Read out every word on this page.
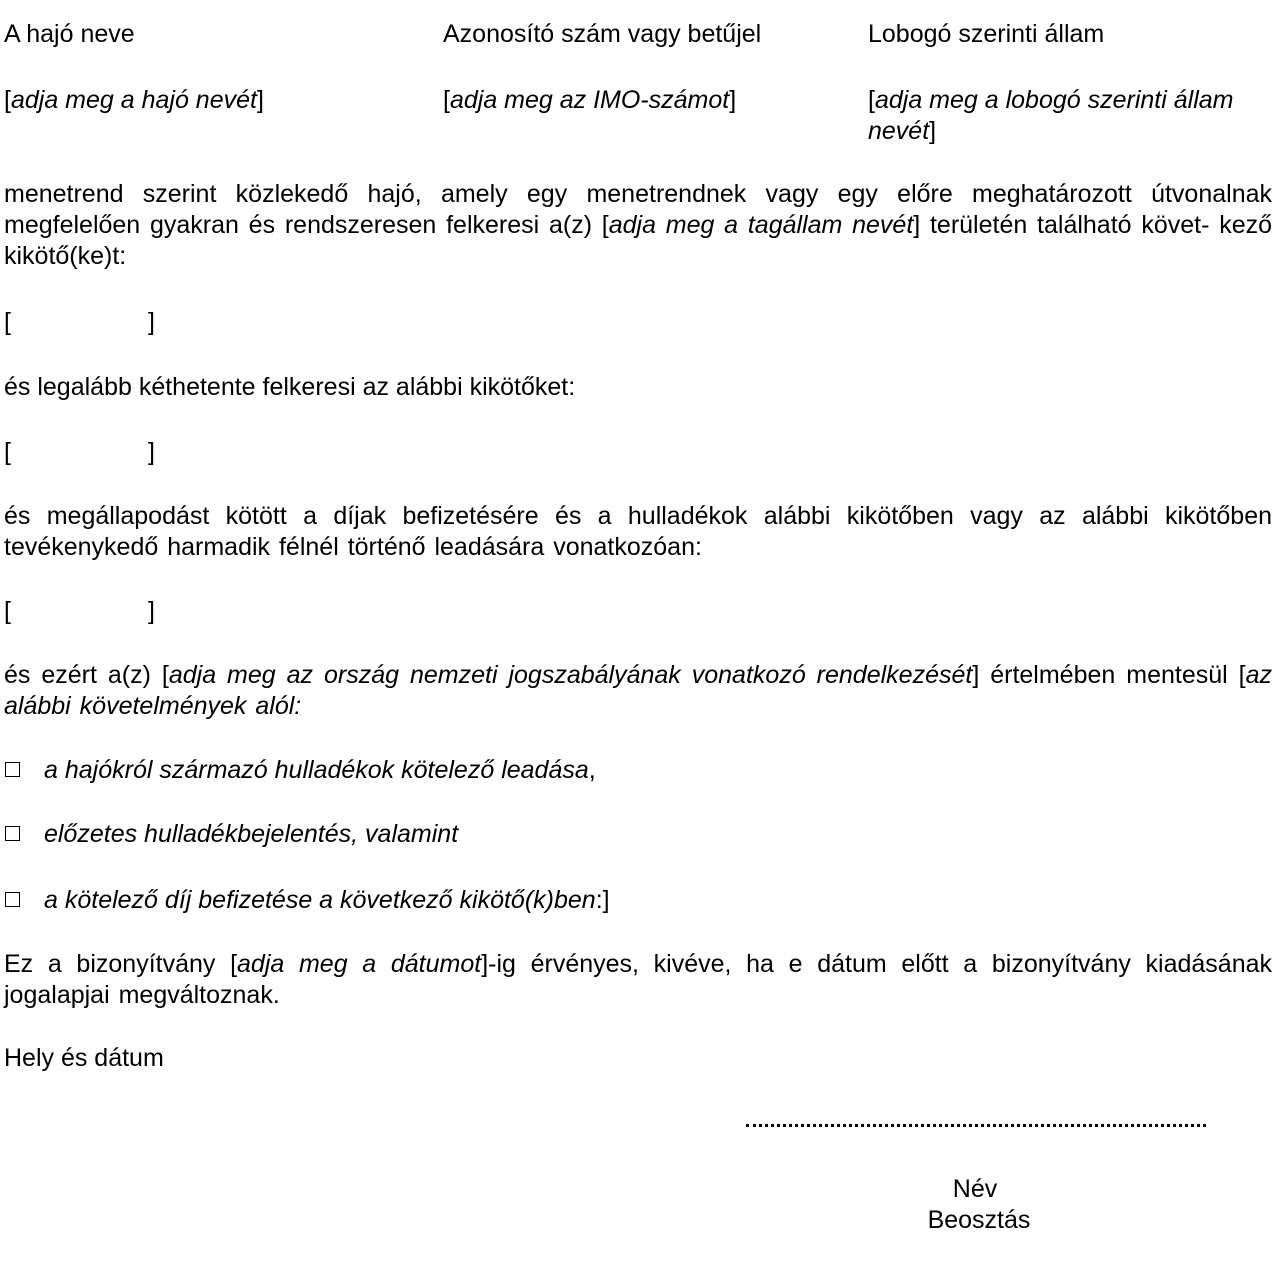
A hajó neve	Azonosító szám vagy betűjel	Lobogó szerinti állam
[adja meg a hajó nevét]	[adja meg az IMO-számot]	[adja meg a lobogó szerinti állam
nevét]
menetrend szerint közlekedő hajó, amely egy menetrendnek vagy egy előre meghatározott útvonalnak megfelelően gyakran és rendszeresen felkeresi a(z) [adja meg a tagállam nevét] területén található követ- kező kikötő(ke)t:
[	]
és legalább kéthetente felkeresi az alábbi kikötőket:
[	]
és megállapodást kötött a díjak befizetésére és a hulladékok alábbi kikötőben vagy az alábbi kikötőben tevékenykedő harmadik félnél történő leadására vonatkozóan:
[	]
és ezért a(z) [adja meg az ország nemzeti jogszabályának vonatkozó rendelkezését] értelmében mentesül [az alábbi követelmények alól:
a hajókról származó hulladékok kötelező leadása,
előzetes hulladékbejelentés, valamint
a kötelező díj befizetése a következő kikötő(k)ben:]
Ez a bizonyítvány [adja meg a dátumot]-ig érvényes, kivéve, ha e dátum előtt a bizonyítvány kiadásának jogalapjai megváltoznak.
Hely és dátum
Név
Beosztás
